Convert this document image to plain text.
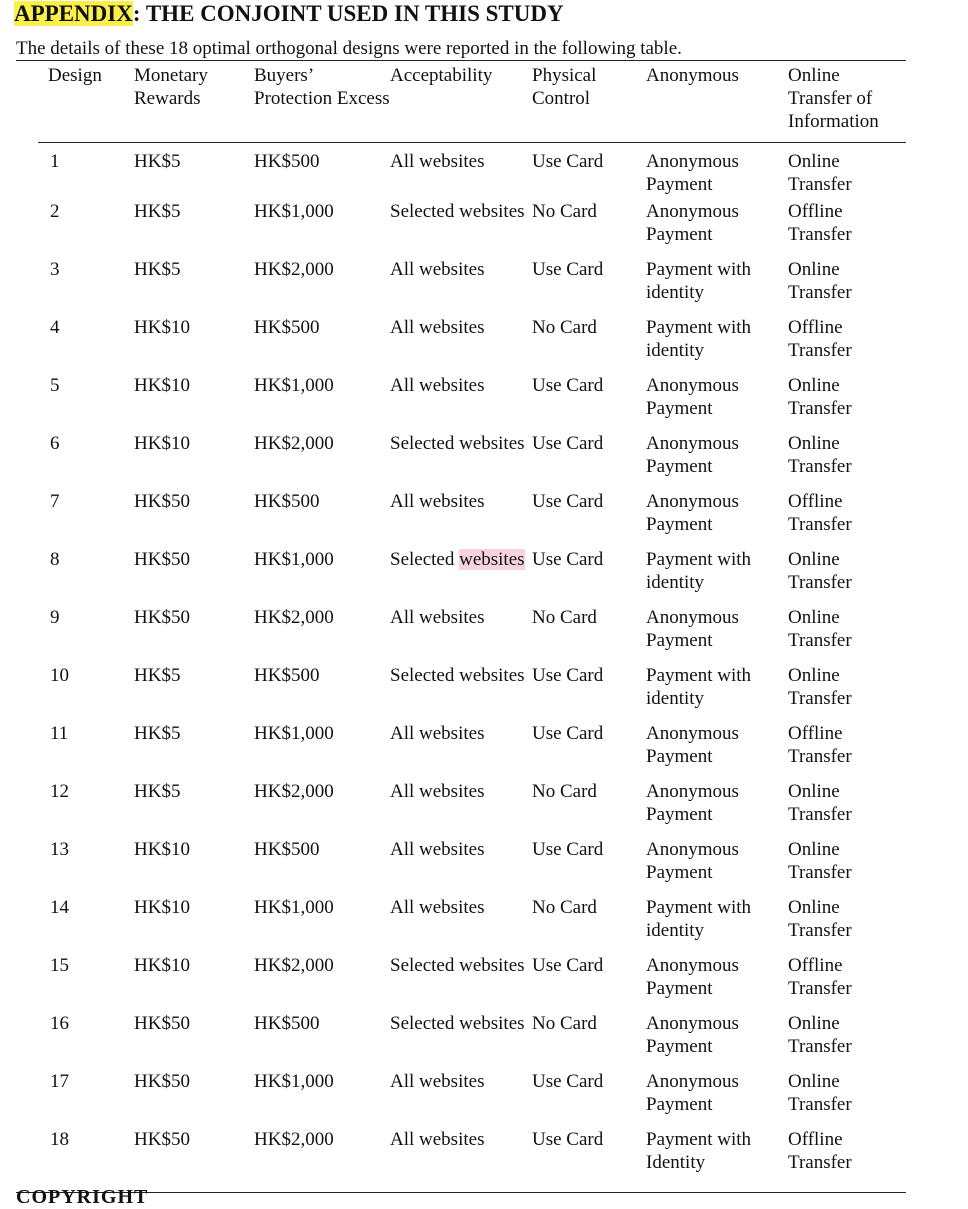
APPENDIX: THE CONJOINT USED IN THIS STUDY
The details of these 18 optimal orthogonal designs were reported in the following table.
Design	Monetary Rewards	Buyers’ Protection Excess	Acceptability	Physical Control	Anonymous	Online Transfer of Information
1	HK$5	HK$500	All websites	Use Card	Anonymous Payment	Online Transfer
2	HK$5	HK$1,000	Selected websites	No Card	Anonymous Payment	Offline Transfer
3	HK$5	HK$2,000	All websites	Use Card	Payment with identity	Online Transfer
4	HK$10	HK$500	All websites	No Card	Payment with identity	Offline Transfer
5	HK$10	HK$1,000	All websites	Use Card	Anonymous Payment	Online Transfer
6	HK$10	HK$2,000	Selected websites	Use Card	Anonymous Payment	Online Transfer
7	HK$50	HK$500	All websites	Use Card	Anonymous Payment	Offline Transfer
8	HK$50	HK$1,000	Selected websites	Use Card	Payment with identity	Online Transfer
9	HK$50	HK$2,000	All websites	No Card	Anonymous Payment	Online Transfer
10	HK$5	HK$500	Selected websites	Use Card	Payment with identity	Online Transfer
11	HK$5	HK$1,000	All websites	Use Card	Anonymous Payment	Offline Transfer
12	HK$5	HK$2,000	All websites	No Card	Anonymous Payment	Online Transfer
13	HK$10	HK$500	All websites	Use Card	Anonymous Payment	Online Transfer
14	HK$10	HK$1,000	All websites	No Card	Payment with identity	Online Transfer
15	HK$10	HK$2,000	Selected websites	Use Card	Anonymous Payment	Offline Transfer
16	HK$50	HK$500	Selected websites	No Card	Anonymous Payment	Online Transfer
17	HK$50	HK$1,000	All websites	Use Card	Anonymous Payment	Online Transfer
18	HK$50	HK$2,000	All websites	Use Card	Payment with Identity	Offline Transfer
COPYRIGHT
